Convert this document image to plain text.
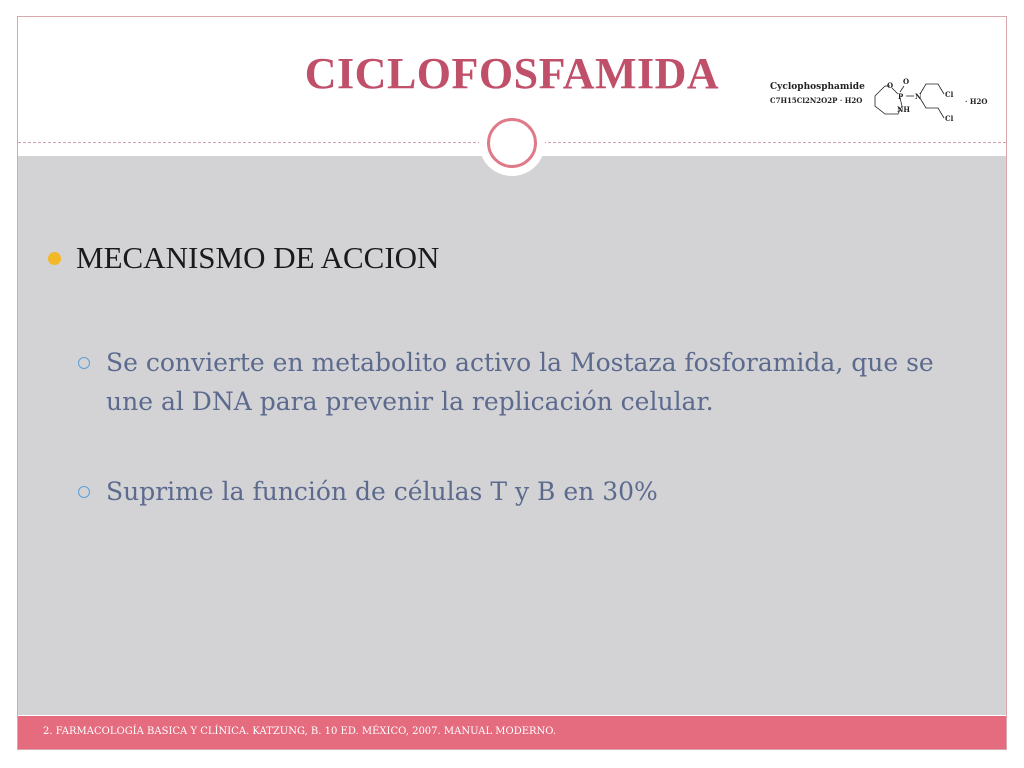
CICLOFOSFAMIDA	Cyclophosphamide
C7H15Cl2N2O2P · H2O
O O
P N
NH
Cl
Cl
· H2O
MECANISMO DE ACCION
Se convierte en metabolito activo la Mostaza fosforamida, que se une al DNA para prevenir la replicación celular.
Suprime la función de células T y B en 30%
2. FARMACOLOGÍA BASICA Y CLÍNICA. KATZUNG, B. 10 ED. MÉXICO, 2007. MANUAL MODERNO.
